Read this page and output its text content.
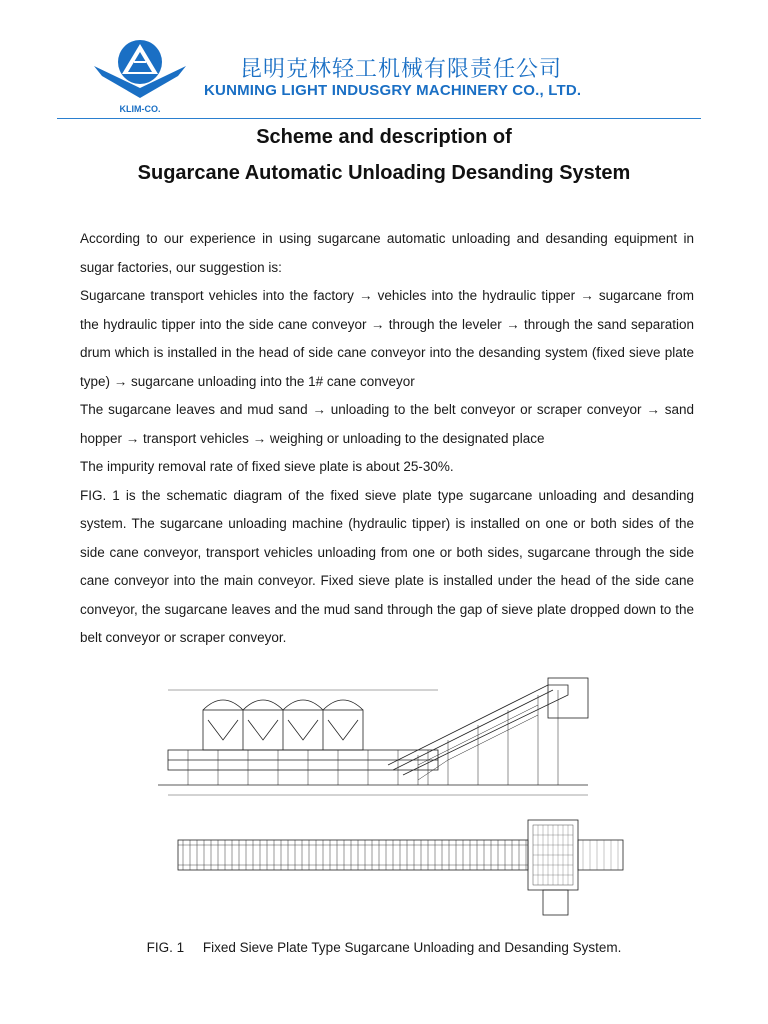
KLIM-CO.
昆明克林轻工机械有限责任公司
KUNMING LIGHT INDUSGRY MACHINERY CO., LTD.
Scheme and description of
Sugarcane Automatic Unloading Desanding System

According to our experience in using sugarcane automatic unloading and desanding equipment in sugar factories, our suggestion is:

Sugarcane transport vehicles into the factory → vehicles into the hydraulic tipper → sugarcane from the hydraulic tipper into the side cane conveyor → through the leveler → through the sand separation drum which is installed in the head of side cane conveyor into the desanding system (fixed sieve plate type) → sugarcane unloading into the 1# cane conveyor

The sugarcane leaves and mud sand → unloading to the belt conveyor or scraper conveyor → sand hopper → transport vehicles → weighing or unloading to the designated place

The impurity removal rate of fixed sieve plate is about 25-30%.

FIG. 1 is the schematic diagram of the fixed sieve plate type sugarcane unloading and desanding system. The sugarcane unloading machine (hydraulic tipper) is installed on one or both sides of the side cane conveyor, transport vehicles unloading from one or both sides, sugarcane through the side cane conveyor into the main conveyor. Fixed sieve plate is installed under the head of the side cane conveyor, the sugarcane leaves and the mud sand through the gap of sieve plate dropped down to the belt conveyor or scraper conveyor.

FIG. 1     Fixed Sieve Plate Type Sugarcane Unloading and Desanding System.
